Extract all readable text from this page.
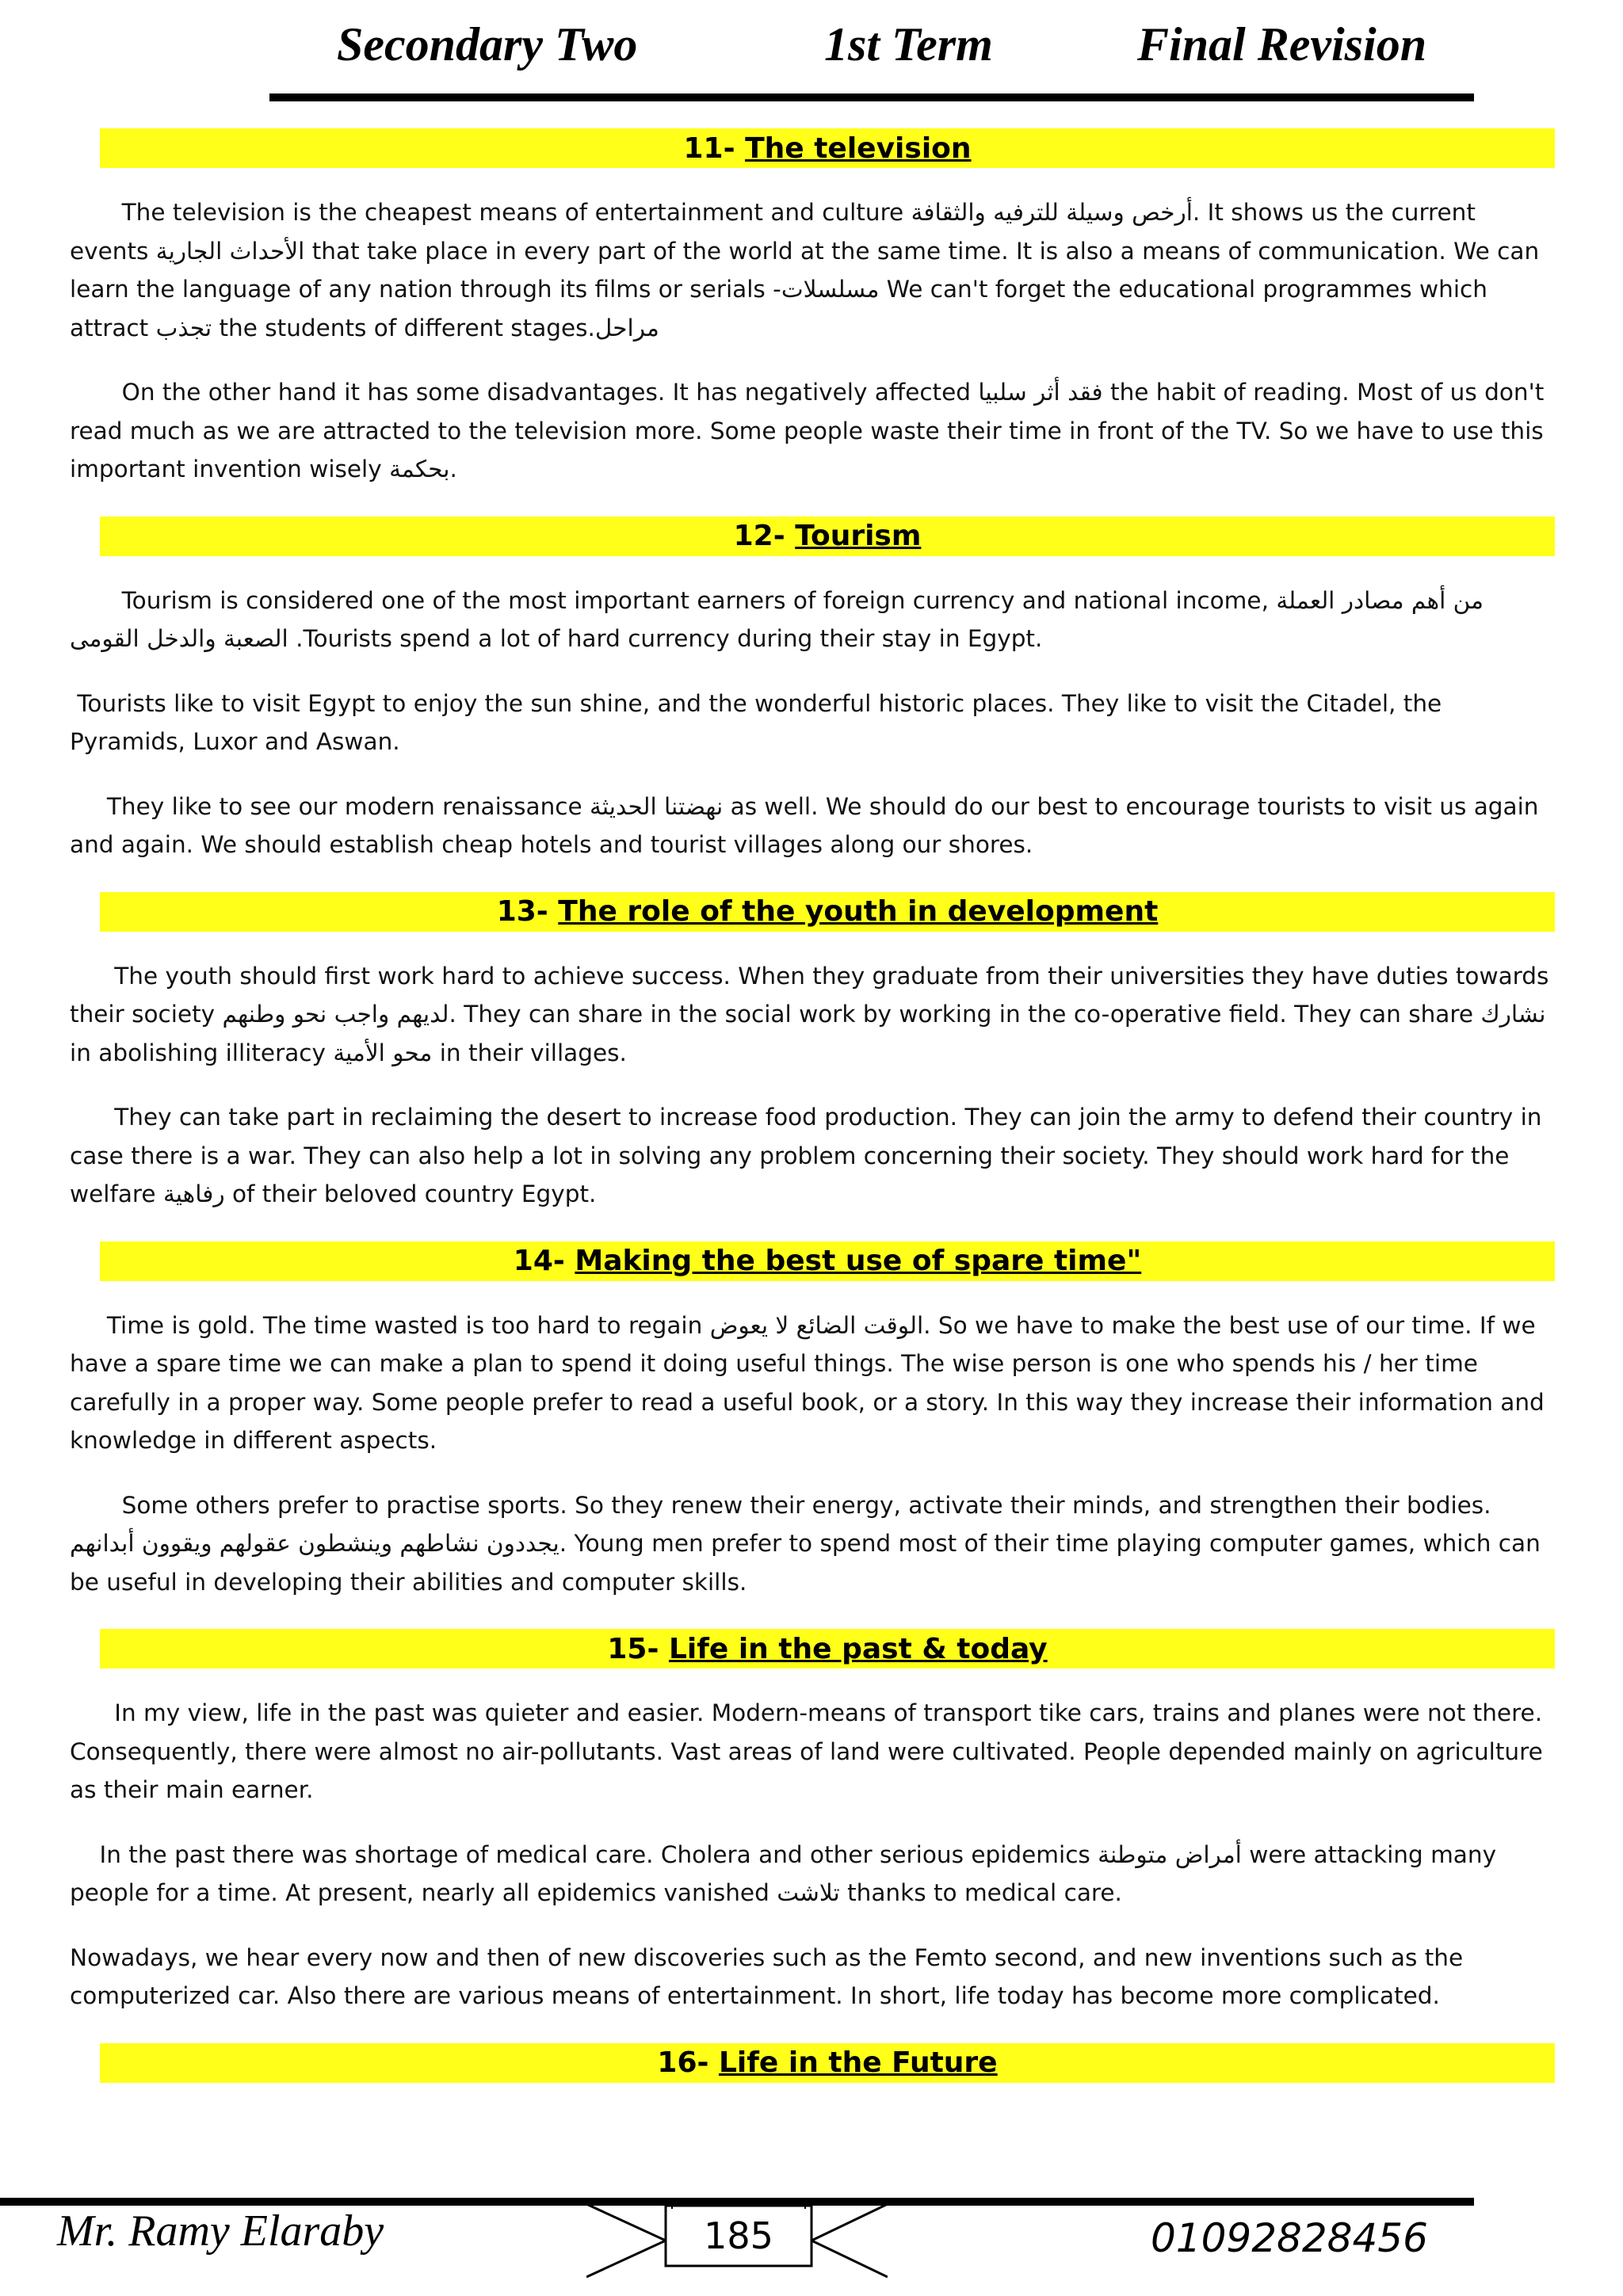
Secondary Two	1st Term	Final Revision
11-
The television

The television is the cheapest means of entertainment and culture أرخص وسيلة للترفيه والثقافة. It shows us the current events الأحداث الجارية that take place in every part of the world at the same time. It is also a means of communication. We can learn the language of any nation through its films or serials -مسلسلات We can't forget the educational programmes which attract تجذب the students of different stages.مراحل

On the other hand it has some disadvantages. It has negatively affected فقد أثر سلبيا the habit of reading. Most of us don't read much as we are attracted to the television more. Some people waste their time in front of the TV. So we have to use this important invention wisely بحكمة.

12-
Tourism

Tourism is considered one of the most important earners of foreign currency and national income, من أهم مصادر العملة الصعبة والدخل القومى .Tourists spend a lot of hard currency during their stay in Egypt.

Tourists like to visit Egypt to enjoy the sun shine, and the wonderful historic places. They like to visit the Citadel, the Pyramids, Luxor and Aswan.

They like to see our modern renaissance نهضتنا الحديثة as well. We should do our best to encourage tourists to visit us again and again. We should establish cheap hotels and tourist villages along our shores.

13-
The role of the youth in development

The youth should first work hard to achieve success. When they graduate from their universities they have duties towards their society لديهم واجب نحو وطنهم. They can share in the social work by working in the co-operative field. They can share نشارك in abolishing illiteracy محو الأمية in their villages.

They can take part in reclaiming the desert to increase food production. They can join the army to defend their country in case there is a war. They can also help a lot in solving any problem concerning their society. They should work hard for the welfare رفاهية of their beloved country Egypt.

14-
Making the best use of spare time"

Time is gold. The time wasted is too hard to regain الوقت الضائع لا يعوض. So we have to make the best use of our time. If we have a spare time we can make a plan to spend it doing useful things. The wise person is one who spends his / her time carefully in a proper way. Some people prefer to read a useful book, or a story. In this way they increase their information and knowledge in different aspects.

Some others prefer to practise sports. So they renew their energy, activate their minds, and strengthen their bodies. يجددون نشاطهم وينشطون عقولهم ويقوون أبدانهم. Young men prefer to spend most of their time playing computer games, which can be useful in developing their abilities and computer skills.

15-
Life in the past & today

In my view, life in the past was quieter and easier. Modern-means of transport tike cars, trains and planes were not there. Consequently, there were almost no air-pollutants. Vast areas of land were cultivated. People depended mainly on agriculture as their main earner.

In the past there was shortage of medical care. Cholera and other serious epidemics أمراض متوطنة were attacking many people for a time. At present, nearly all epidemics vanished تلاشت thanks to medical care.

Nowadays, we hear every now and then of new discoveries such as the Femto second, and new inventions such as the computerized car. Also there are various means of entertainment. In short, life today has become more complicated.

16-
Life in the Future
Mr. Ramy Elaraby	185	01092828456
